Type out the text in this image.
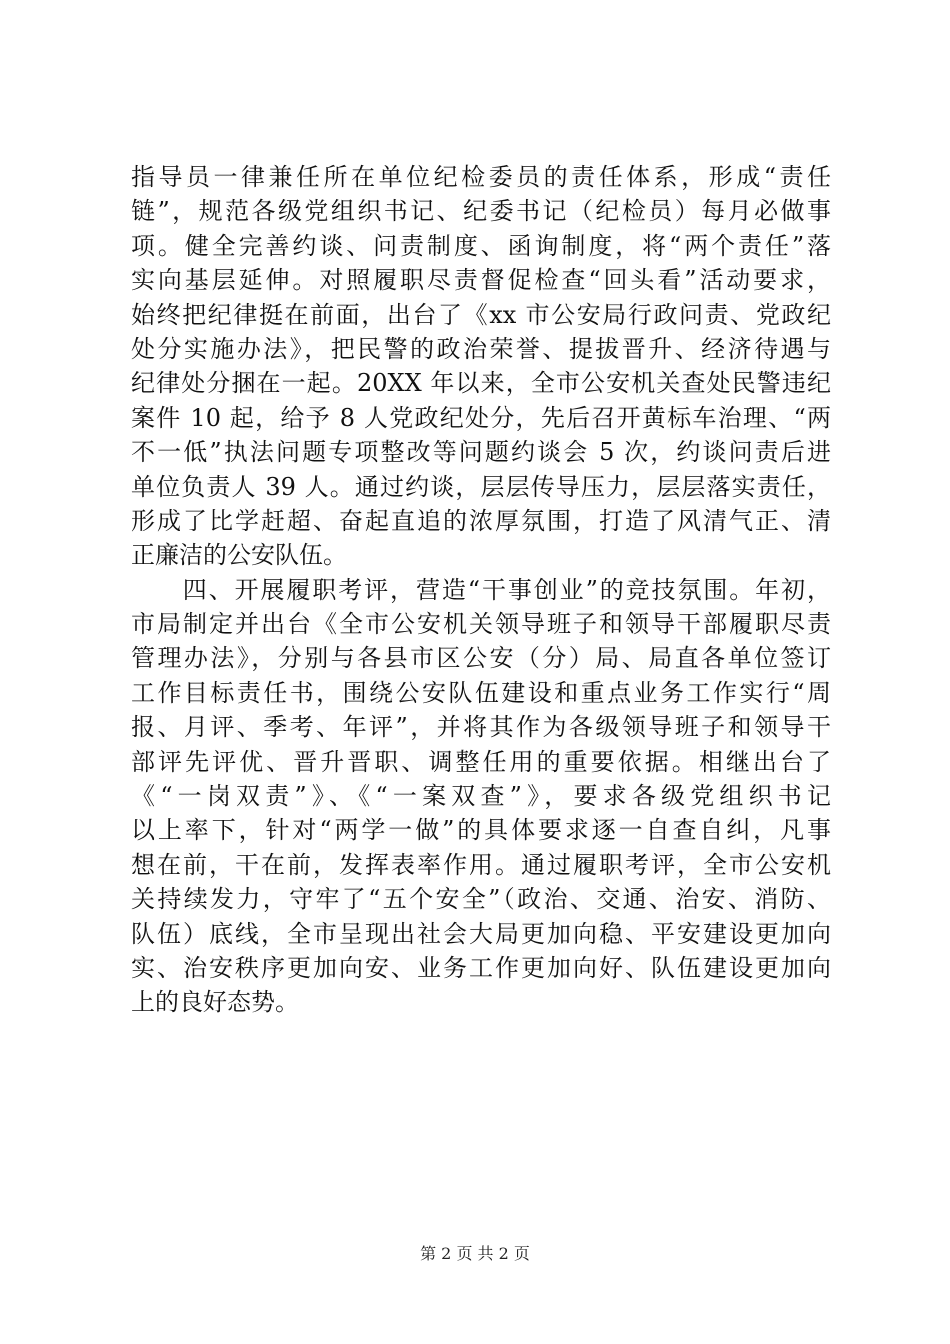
指导员一律兼任所在单位纪检委员的责任体系，形成“责任
链”，规范各级党组织书记、纪委书记（纪检员）每月必做事
项。健全完善约谈、问责制度、函询制度，将“两个责任”落
实向基层延伸。对照履职尽责督促检查“回头看”活动要求，
始终把纪律挺在前面，出台了《xx 市公安局行政问责、党政纪
处分实施办法》，把民警的政治荣誉、提拔晋升、经济待遇与
纪律处分捆在一起。20XX 年以来，全市公安机关查处民警违纪
案件 10 起，给予 8 人党政纪处分，先后召开黄标车治理、“两
不一低”执法问题专项整改等问题约谈会 5 次，约谈问责后进
单位负责人 39 人。通过约谈，层层传导压力，层层落实责任，
形成了比学赶超、奋起直追的浓厚氛围，打造了风清气正、清
正廉洁的公安队伍。
　　四、开展履职考评，营造“干事创业”的竞技氛围。年初，
市局制定并出台《全市公安机关领导班子和领导干部履职尽责
管理办法》，分别与各县市区公安（分）局、局直各单位签订
工作目标责任书，围绕公安队伍建设和重点业务工作实行“周
报、月评、季考、年评”，并将其作为各级领导班子和领导干
部评先评优、晋升晋职、调整任用的重要依据。相继出台了
《“一岗双责”》、《“一案双查”》，要求各级党组织书记
以上率下，针对“两学一做”的具体要求逐一自查自纠，凡事
想在前，干在前，发挥表率作用。通过履职考评，全市公安机
关持续发力，守牢了“五个安全”（政治、交通、治安、消防、
队伍）底线，全市呈现出社会大局更加向稳、平安建设更加向
实、治安秩序更加向安、业务工作更加向好、队伍建设更加向
上的良好态势。
第 2 页 共 2 页
